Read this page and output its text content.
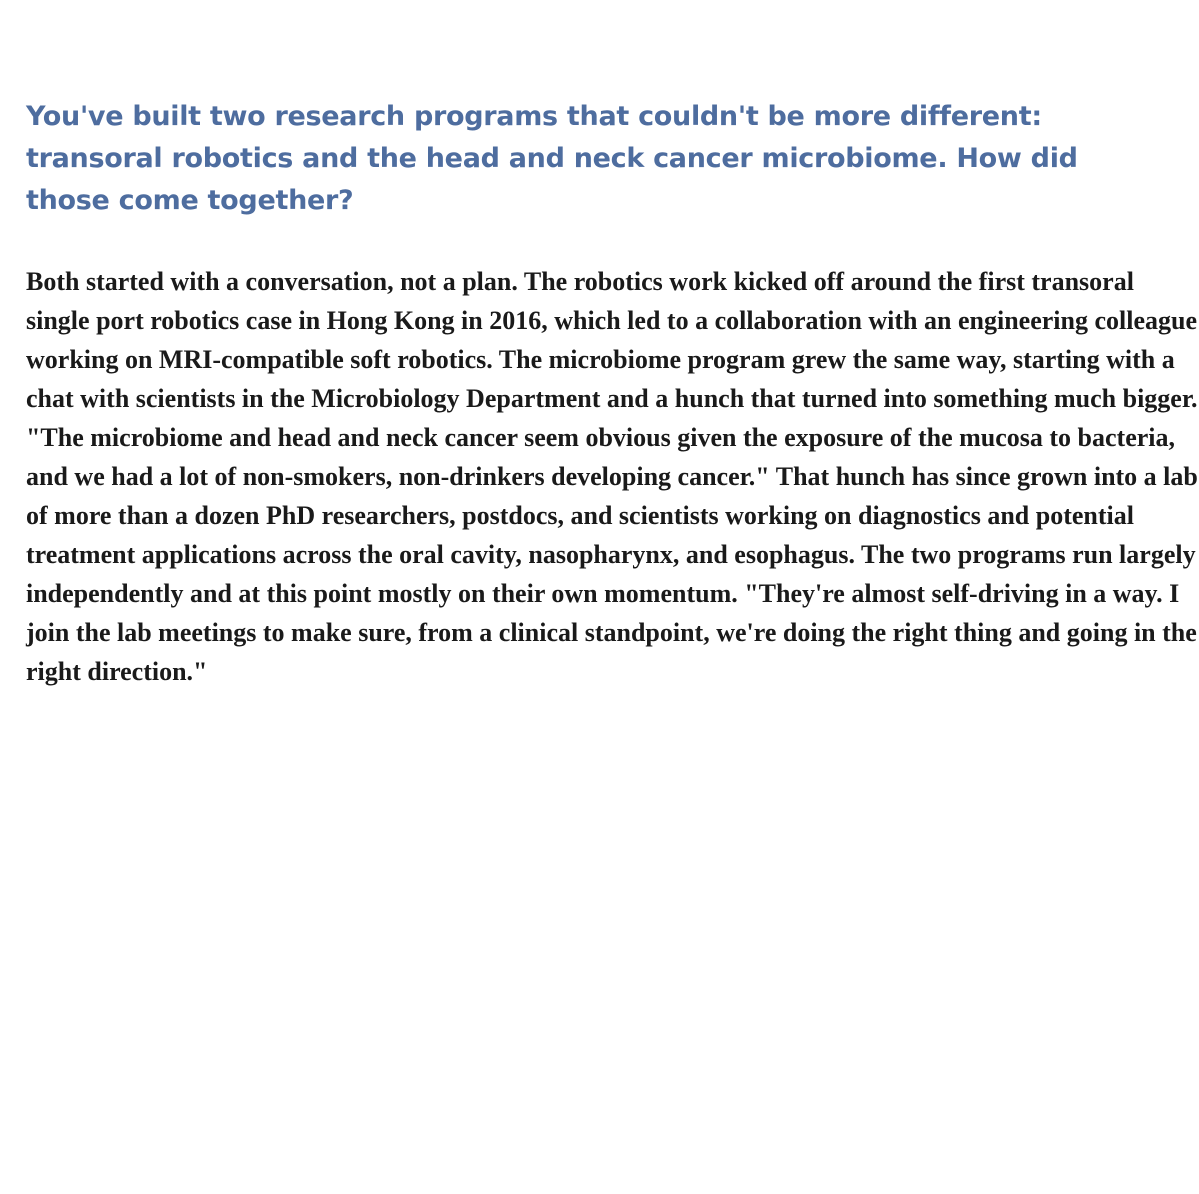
You've built two research programs that couldn't be more different: transoral robotics and the head and neck cancer microbiome. How did those come together?

Both started with a conversation, not a plan. The robotics work kicked off around the first transoral single port robotics case in Hong Kong in 2016, which led to a collaboration with an engineering colleague working on MRI-compatible soft robotics. The microbiome program grew the same way, starting with a chat with scientists in the Microbiology Department and a hunch that turned into something much bigger. "The microbiome and head and neck cancer seem obvious given the exposure of the mucosa to bacteria, and we had a lot of non-smokers, non-drinkers developing cancer." That hunch has since grown into a lab of more than a dozen PhD researchers, postdocs, and scientists working on diagnostics and potential treatment applications across the oral cavity, nasopharynx, and esophagus. The two programs run largely independently and at this point mostly on their own momentum. "They're almost self-driving in a way. I join the lab meetings to make sure, from a clinical standpoint, we're doing the right thing and going in the right direction."
